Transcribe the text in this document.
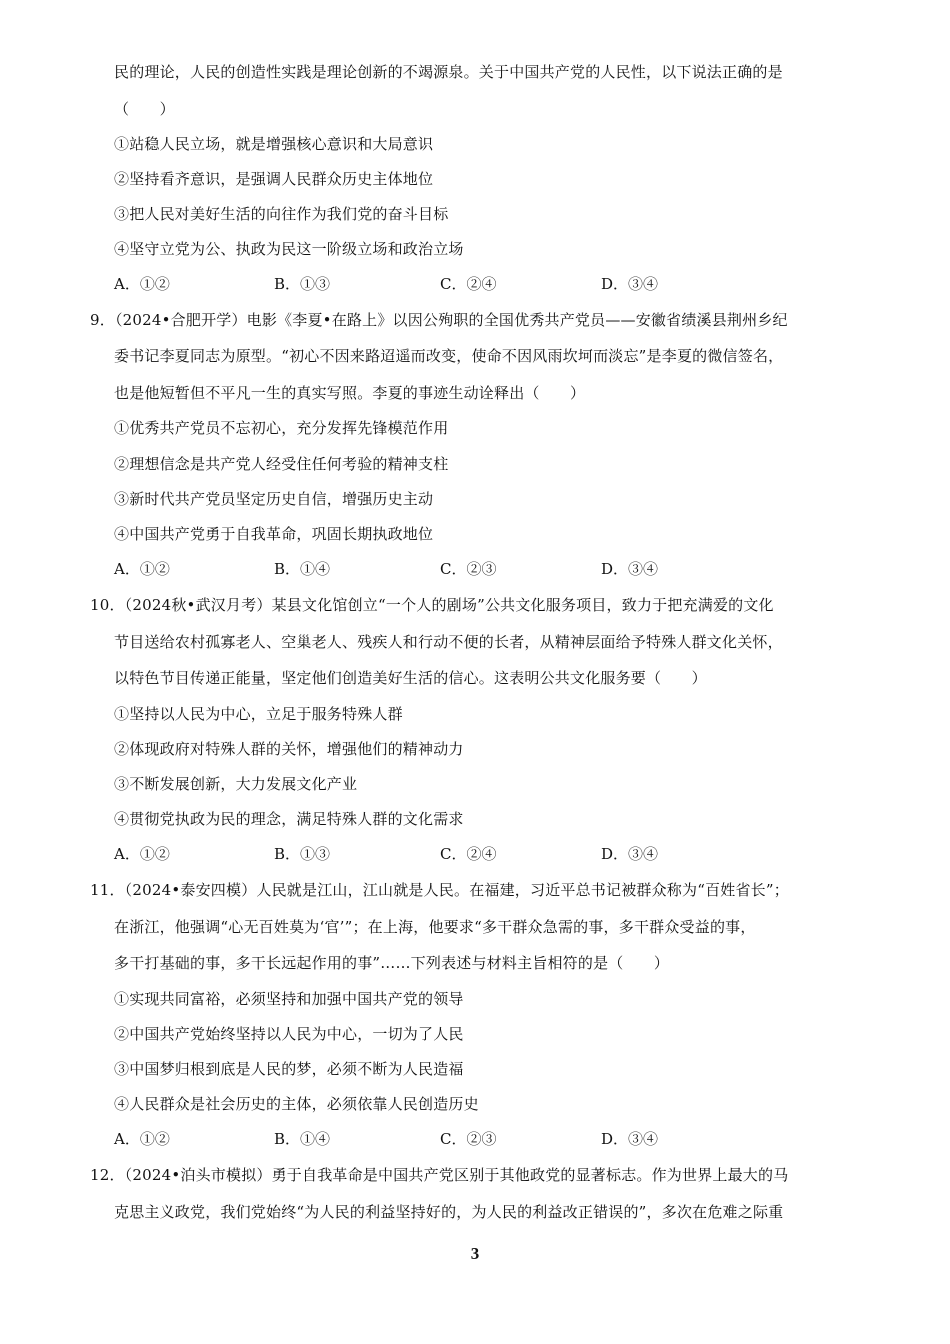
民的理论，人民的创造性实践是理论创新的不竭源泉。关于中国共产党的人民性，以下说法正确的是
（　　）
①站稳人民立场，就是增强核心意识和大局意识
②坚持看齐意识，是强调人民群众历史主体地位
③把人民对美好生活的向往作为我们党的奋斗目标
④坚守立党为公、执政为民这一阶级立场和政治立场
A．①②	B．①③	C．②④	D．③④
9．（2024•合肥开学）电影《李夏•在路上》以因公殉职的全国优秀共产党员——安徽省绩溪县荆州乡纪
委书记李夏同志为原型。“初心不因来路迢遥而改变，使命不因风雨坎坷而淡忘”是李夏的微信签名，
也是他短暂但不平凡一生的真实写照。李夏的事迹生动诠释出（　　）
①优秀共产党员不忘初心，充分发挥先锋模范作用
②理想信念是共产党人经受住任何考验的精神支柱
③新时代共产党员坚定历史自信，增强历史主动
④中国共产党勇于自我革命，巩固长期执政地位
A．①②	B．①④	C．②③	D．③④
10．（2024秋•武汉月考）某县文化馆创立“一个人的剧场”公共文化服务项目，致力于把充满爱的文化
节目送给农村孤寡老人、空巢老人、残疾人和行动不便的长者，从精神层面给予特殊人群文化关怀，
以特色节目传递正能量，坚定他们创造美好生活的信心。这表明公共文化服务要（　　）
①坚持以人民为中心，立足于服务特殊人群
②体现政府对特殊人群的关怀，增强他们的精神动力
③不断发展创新，大力发展文化产业
④贯彻党执政为民的理念，满足特殊人群的文化需求
A．①②	B．①③	C．②④	D．③④
11．（2024•泰安四模）人民就是江山，江山就是人民。在福建，习近平总书记被群众称为“百姓省长”；
在浙江，他强调“心无百姓莫为‘官’”；在上海，他要求“多干群众急需的事，多干群众受益的事，
多干打基础的事，多干长远起作用的事”……下列表述与材料主旨相符的是（　　）
①实现共同富裕，必须坚持和加强中国共产党的领导
②中国共产党始终坚持以人民为中心，一切为了人民
③中国梦归根到底是人民的梦，必须不断为人民造福
④人民群众是社会历史的主体，必须依靠人民创造历史
A．①②	B．①④	C．②③	D．③④
12．（2024•泊头市模拟）勇于自我革命是中国共产党区别于其他政党的显著标志。作为世界上最大的马
克思主义政党，我们党始终“为人民的利益坚持好的，为人民的利益改正错误的”，多次在危难之际重
3
